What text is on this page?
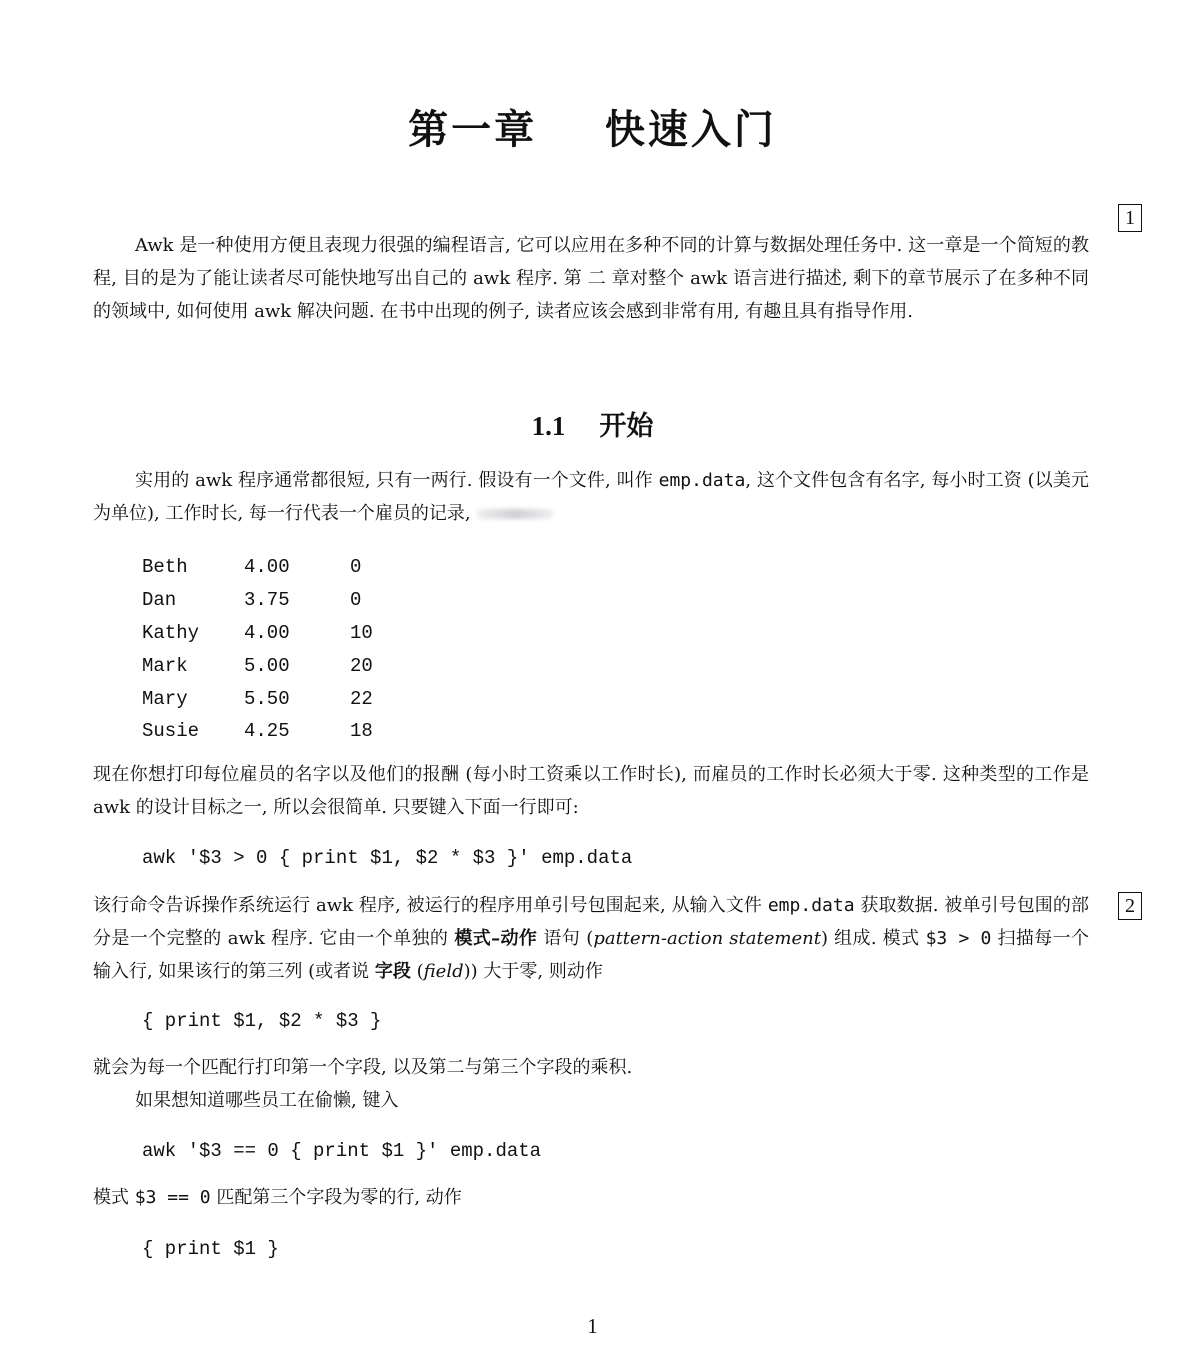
第一章    快速入门
1

Awk 是一种使用方便且表现力很强的编程语言, 它可以应用在多种不同的计算与数据处理任务中. 这一章是一个简短的教程, 目的是为了能让读者尽可能快地写出自己的 awk 程序. 第 二 章对整个 awk 语言进行描述, 剩下的章节展示了在多种不同的领域中, 如何使用 awk 解决问题. 在书中出现的例子, 读者应该会感到非常有用, 有趣且具有指导作用.

1.1 开始

实用的 awk 程序通常都很短, 只有一两行. 假设有一个文件, 叫作 emp.data, 这个文件包含有名字, 每小时工资 (以美元为单位), 工作时长, 每一行代表一个雇员的记录,

Beth	4.00	0
Dan	3.75	0
Kathy	4.00	10
Mark	5.00	20
Mary	5.50	22
Susie	4.25	18

现在你想打印每位雇员的名字以及他们的报酬 (每小时工资乘以工作时长), 而雇员的工作时长必须大于零. 这种类型的工作是 awk 的设计目标之一, 所以会很简单. 只要键入下面一行即可:

awk '$3 > 0 { print $1, $2 * $3 }' emp.data
2

该行命令告诉操作系统运行 awk 程序, 被运行的程序用单引号包围起来, 从输入文件 emp.data 获取数据. 被单引号包围的部分是一个完整的 awk 程序. 它由一个单独的 模式–动作 语句 (pattern-action statement) 组成. 模式 $3 > 0 扫描每一个输入行, 如果该行的第三列 (或者说 字段 (field)) 大于零, 则动作

{ print $1, $2 * $3 }

就会为每一个匹配行打印第一个字段, 以及第二与第三个字段的乘积.

如果想知道哪些员工在偷懒, 键入

awk '$3 == 0 { print $1 }' emp.data

模式 $3 == 0 匹配第三个字段为零的行, 动作

{ print $1 }
1
